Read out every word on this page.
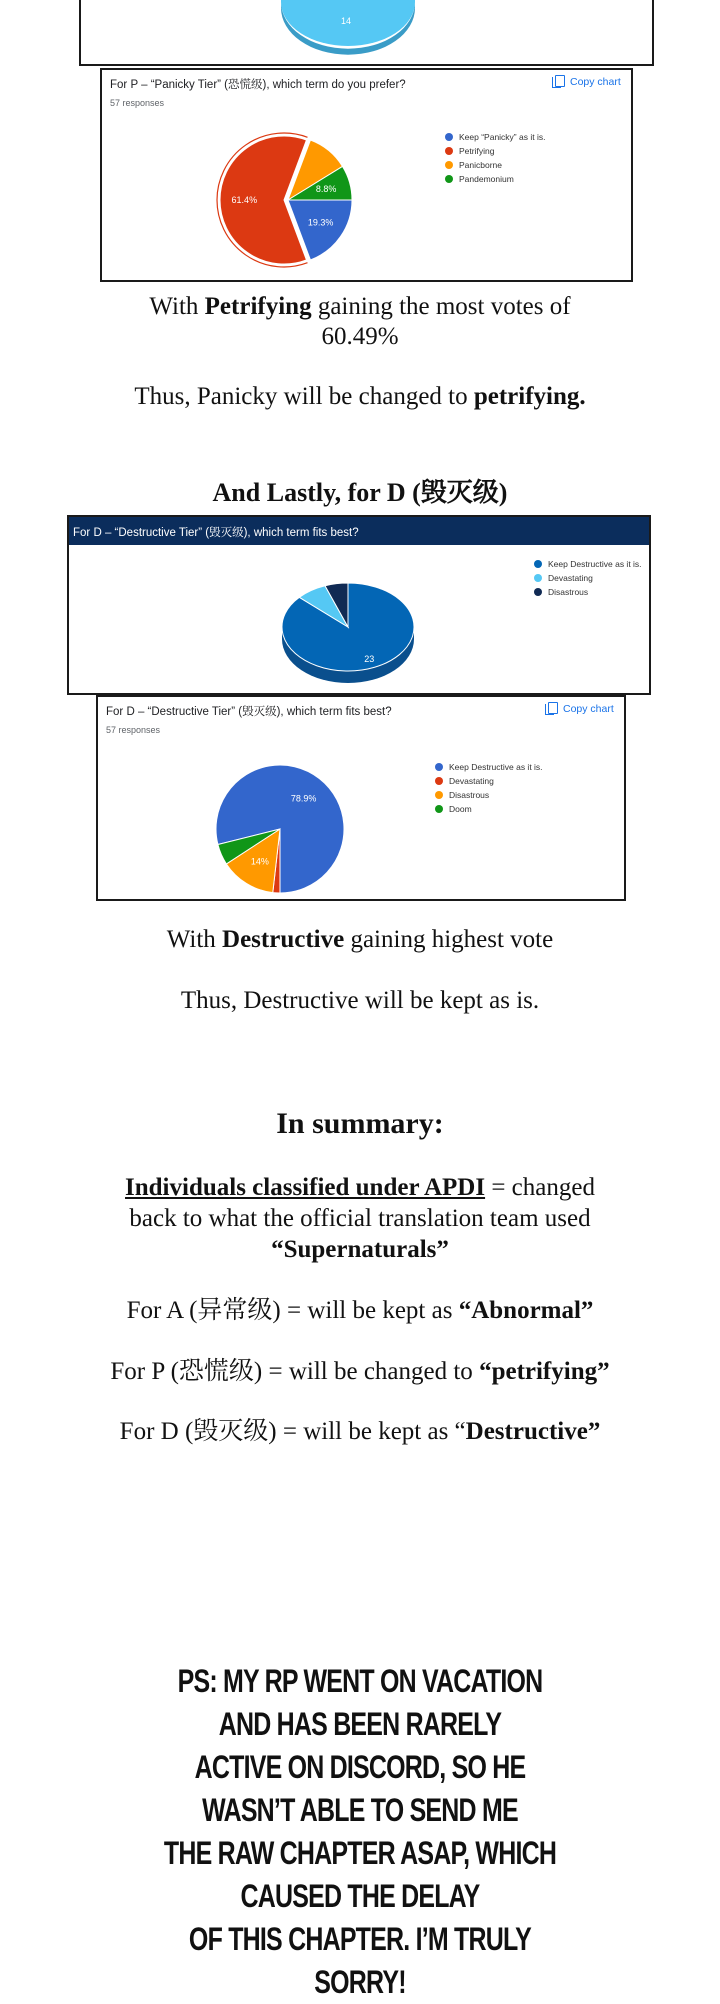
14
For P – “Panicky Tier” (恐慌级), which term do you prefer?
57 responses
Copy chart
19.3%
61.4%
8.8%
Keep “Panicky” as it is.
Petrifying
Panicborne
Pandemonium
With Petrifying gaining the most votes of
60.49%
Thus, Panicky will be changed to petrifying.
And Lastly, for D (毁灭级)
For D – “Destructive Tier” (毁灭级), which term fits best?
23
Keep Destructive as it is.
Devastating
Disastrous
For D – “Destructive Tier” (毁灭级), which term fits best?
57 responses
Copy chart
78.9%
14%
Keep Destructive as it is.
Devastating
Disastrous
Doom
With Destructive gaining highest vote
Thus, Destructive will be kept as is.
In summary:
Individuals classified under APDI = changed
back to what the official translation team used
“Supernaturals”
For A (异常级) = will be kept as “Abnormal”
For P (恐慌级) = will be changed to “petrifying”
For D (毁灭级) = will be kept as “Destructive”
PS: MY RP WENT ON VACATION AND HAS BEEN RARELY
ACTIVE ON DISCORD, SO HE WASN’T ABLE TO SEND ME
THE RAW CHAPTER ASAP, WHICH CAUSED THE DELAY
OF THIS CHAPTER. I’M TRULY SORRY!
